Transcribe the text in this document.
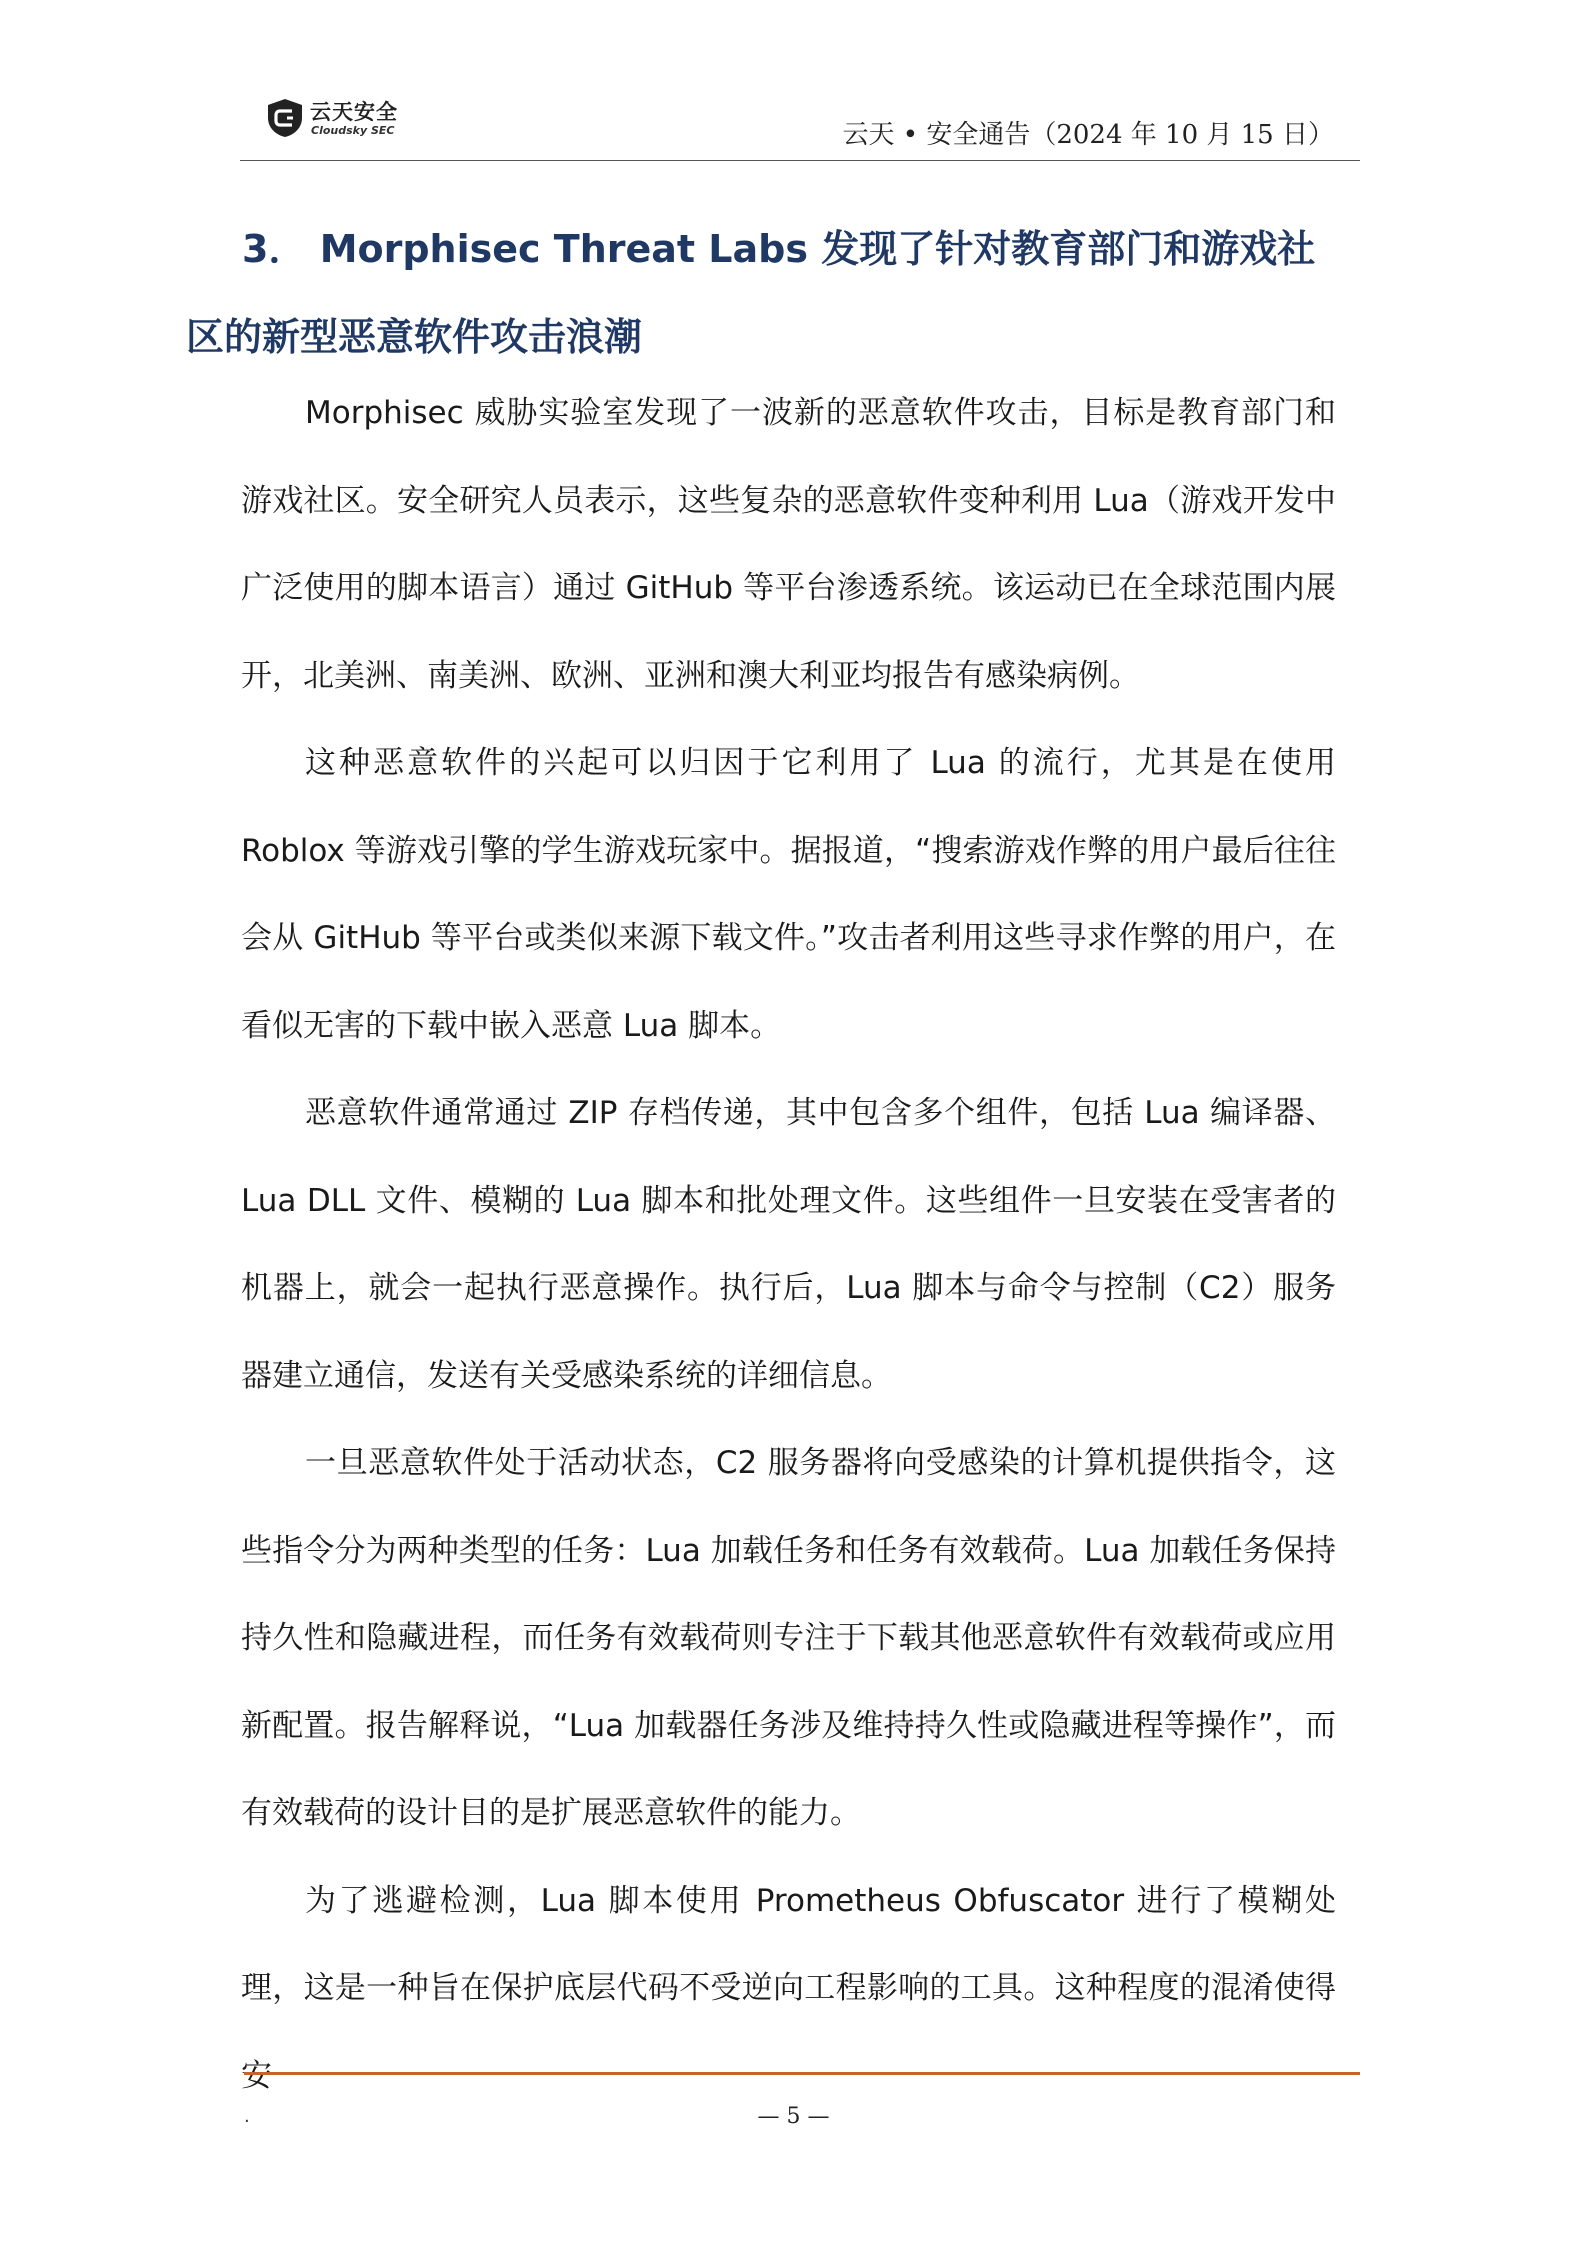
云天安全
Cloudsky SEC	云天 • 安全通告（2024 年 10 月 15 日）
3． Morphisec Threat Labs 发现了针对教育部门和游戏社区的新型恶意软件攻击浪潮

Morphisec 威胁实验室发现了一波新的恶意软件攻击，目标是教育部门和游戏社区。安全研究人员表示，这些复杂的恶意软件变种利用 Lua（游戏开发中广泛使用的脚本语言）通过 GitHub 等平台渗透系统。该运动已在全球范围内展开，北美洲、南美洲、欧洲、亚洲和澳大利亚均报告有感染病例。

这种恶意软件的兴起可以归因于它利用了 Lua 的流行，尤其是在使用 Roblox 等游戏引擎的学生游戏玩家中。据报道，“搜索游戏作弊的用户最后往往会从 GitHub 等平台或类似来源下载文件。”攻击者利用这些寻求作弊的用户，在看似无害的下载中嵌入恶意 Lua 脚本。

恶意软件通常通过 ZIP 存档传递，其中包含多个组件，包括 Lua 编译器、Lua DLL 文件、模糊的 Lua 脚本和批处理文件。这些组件一旦安装在受害者的机器上，就会一起执行恶意操作。执行后，Lua 脚本与命令与控制（C2）服务器建立通信，发送有关受感染系统的详细信息。

一旦恶意软件处于活动状态，C2 服务器将向受感染的计算机提供指令，这些指令分为两种类型的任务：Lua 加载任务和任务有效载荷。Lua 加载任务保持持久性和隐藏进程，而任务有效载荷则专注于下载其他恶意软件有效载荷或应用新配置。报告解释说，“Lua 加载器任务涉及维持持久性或隐藏进程等操作”，而有效载荷的设计目的是扩展恶意软件的能力。

为了逃避检测，Lua 脚本使用 Prometheus Obfuscator 进行了模糊处理，这是一种旨在保护底层代码不受逆向工程影响的工具。这种程度的混淆使得安

.	— 5 —
